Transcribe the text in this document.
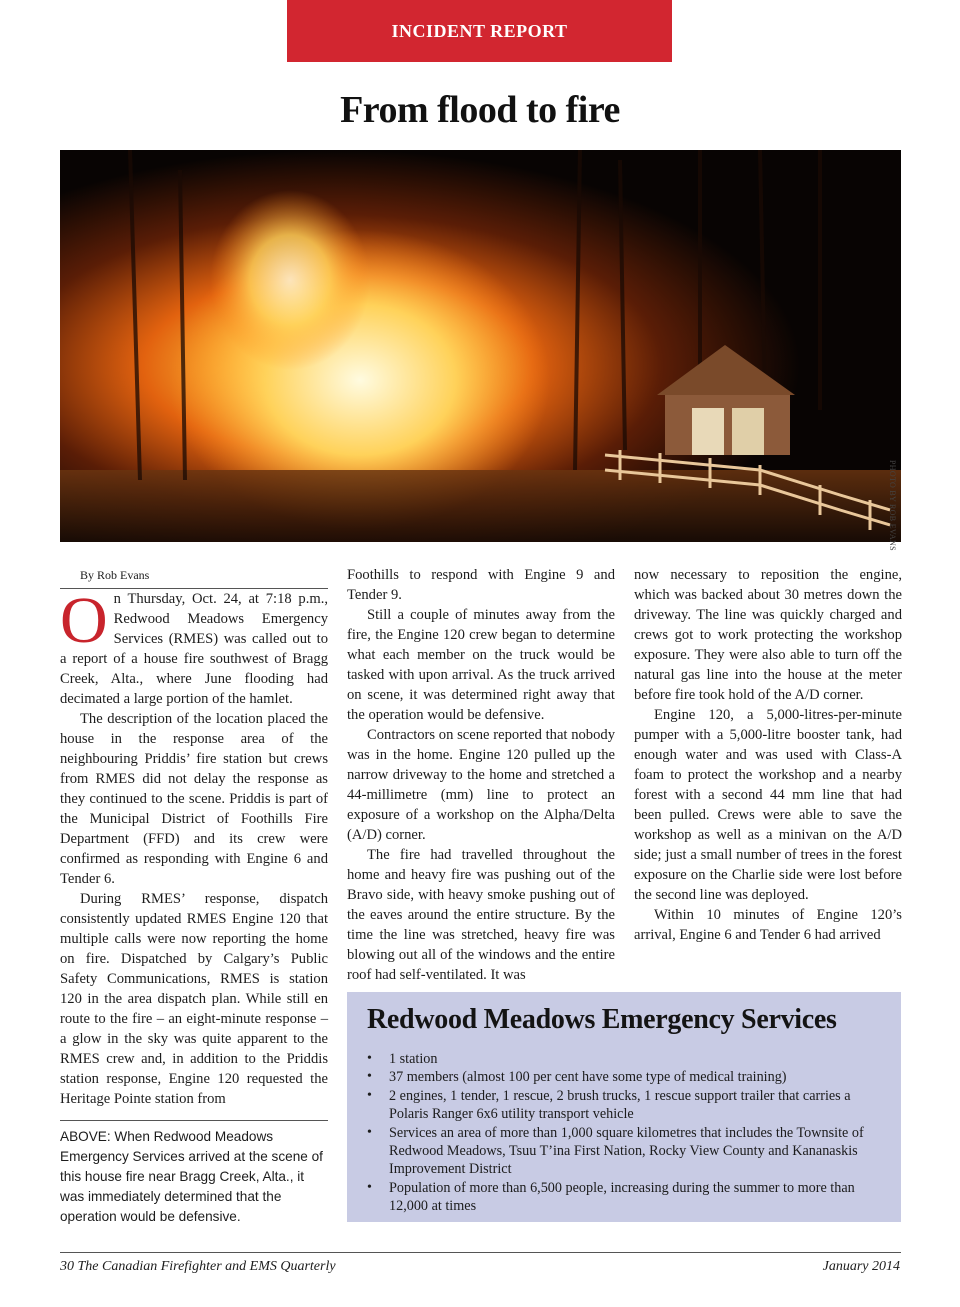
INCIDENT REPORT
From flood to fire
PHOTO BY ROB EVANS

By Rob Evans

On Thursday, Oct. 24, at 7:18 p.m., Redwood Meadows Emergency Services (RMES) was called out to a report of a house fire southwest of Bragg Creek, Alta., where June flooding had decimated a large portion of the hamlet.

The description of the location placed the house in the response area of the neighbouring Priddis’ fire station but crews from RMES did not delay the response as they continued to the scene. Priddis is part of the Municipal District of Foothills Fire Department (FFD) and its crew were confirmed as responding with Engine 6 and Tender 6.

During RMES’ response, dispatch consistently updated RMES Engine 120 that multiple calls were now reporting the home on fire. Dispatched by Calgary’s Public Safety Communications, RMES is station 120 in the area dispatch plan. While still en route to the fire – an eight-minute response – a glow in the sky was quite apparent to the RMES crew and, in addition to the Priddis station response, Engine 120 requested the Heritage Pointe station from

Foothills to respond with Engine 9 and Tender 9.

Still a couple of minutes away from the fire, the Engine 120 crew began to determine what each member on the truck would be tasked with upon arrival. As the truck arrived on scene, it was determined right away that the operation would be defensive.

Contractors on scene reported that nobody was in the home. Engine 120 pulled up the narrow driveway to the home and stretched a 44-millimetre (mm) line to protect an exposure of a workshop on the Alpha/Delta (A/D) corner.

The fire had travelled throughout the home and heavy fire was pushing out of the Bravo side, with heavy smoke pushing out of the eaves around the entire structure. By the time the line was stretched, heavy fire was blowing out all of the windows and the entire roof had self-ventilated. It was

now necessary to reposition the engine, which was backed about 30 metres down the driveway. The line was quickly charged and crews got to work protecting the workshop exposure. They were also able to turn off the natural gas line into the house at the meter before fire took hold of the A/D corner.

Engine 120, a 5,000-litres-per-minute pumper with a 5,000-litre booster tank, had enough water and was used with Class-A foam to protect the workshop and a nearby forest with a second 44 mm line that had been pulled. Crews were able to save the workshop as well as a minivan on the A/D side; just a small number of trees in the forest exposure on the Charlie side were lost before the second line was deployed.

Within 10 minutes of Engine 120’s arrival, Engine 6 and Tender 6 had arrived

ABOVE: When Redwood Meadows Emergency Services arrived at the scene of this house fire near Bragg Creek, Alta., it was immediately determined that the operation would be defensive.
Redwood Meadows Emergency Services
• 1 station
• 37 members (almost 100 per cent have some type of medical training)
• 2 engines, 1 tender, 1 rescue, 2 brush trucks, 1 rescue support trailer that carries a Polaris Ranger 6x6 utility transport vehicle
• Services an area of more than 1,000 square kilometres that includes the Townsite of Redwood Meadows, Tsuu T’ina First Nation, Rocky View County and Kananaskis Improvement District
• Population of more than 6,500 people, increasing during the summer to more than 12,000 at times
30 The Canadian Firefighter and EMS Quarterly	January 2014
